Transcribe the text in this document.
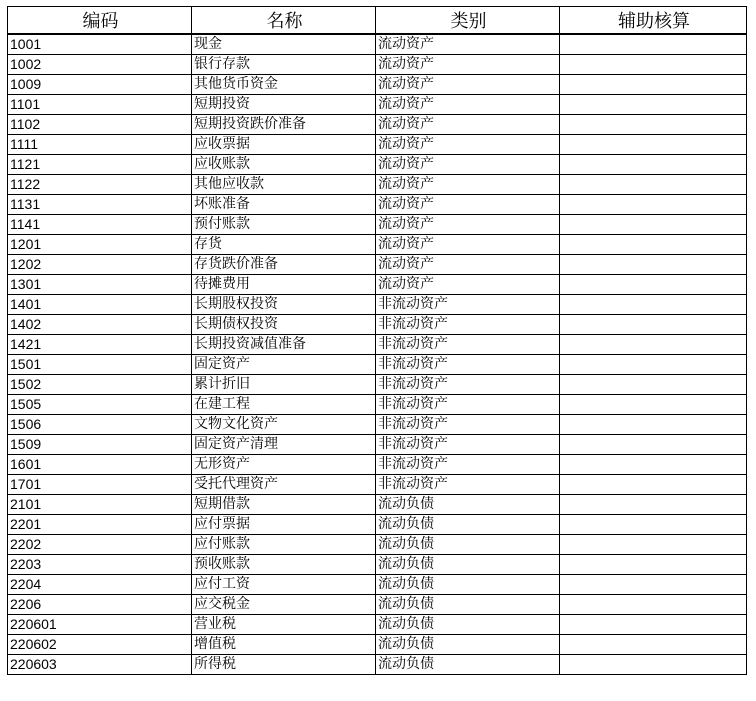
编码	名称	类别	辅助核算
1001	现金	流动资产	
1002	银行存款	流动资产	
1009	其他货币资金	流动资产	
1101	短期投资	流动资产	
1102	短期投资跌价准备	流动资产	
1111	应收票据	流动资产	
1121	应收账款	流动资产	
1122	其他应收款	流动资产	
1131	坏账准备	流动资产	
1141	预付账款	流动资产	
1201	存货	流动资产	
1202	存货跌价准备	流动资产	
1301	待摊费用	流动资产	
1401	长期股权投资	非流动资产	
1402	长期债权投资	非流动资产	
1421	长期投资减值准备	非流动资产	
1501	固定资产	非流动资产	
1502	累计折旧	非流动资产	
1505	在建工程	非流动资产	
1506	文物文化资产	非流动资产	
1509	固定资产清理	非流动资产	
1601	无形资产	非流动资产	
1701	受托代理资产	非流动资产	
2101	短期借款	流动负债	
2201	应付票据	流动负债	
2202	应付账款	流动负债	
2203	预收账款	流动负债	
2204	应付工资	流动负债	
2206	应交税金	流动负债	
220601	营业税	流动负债	
220602	增值税	流动负债	
220603	所得税	流动负债	
